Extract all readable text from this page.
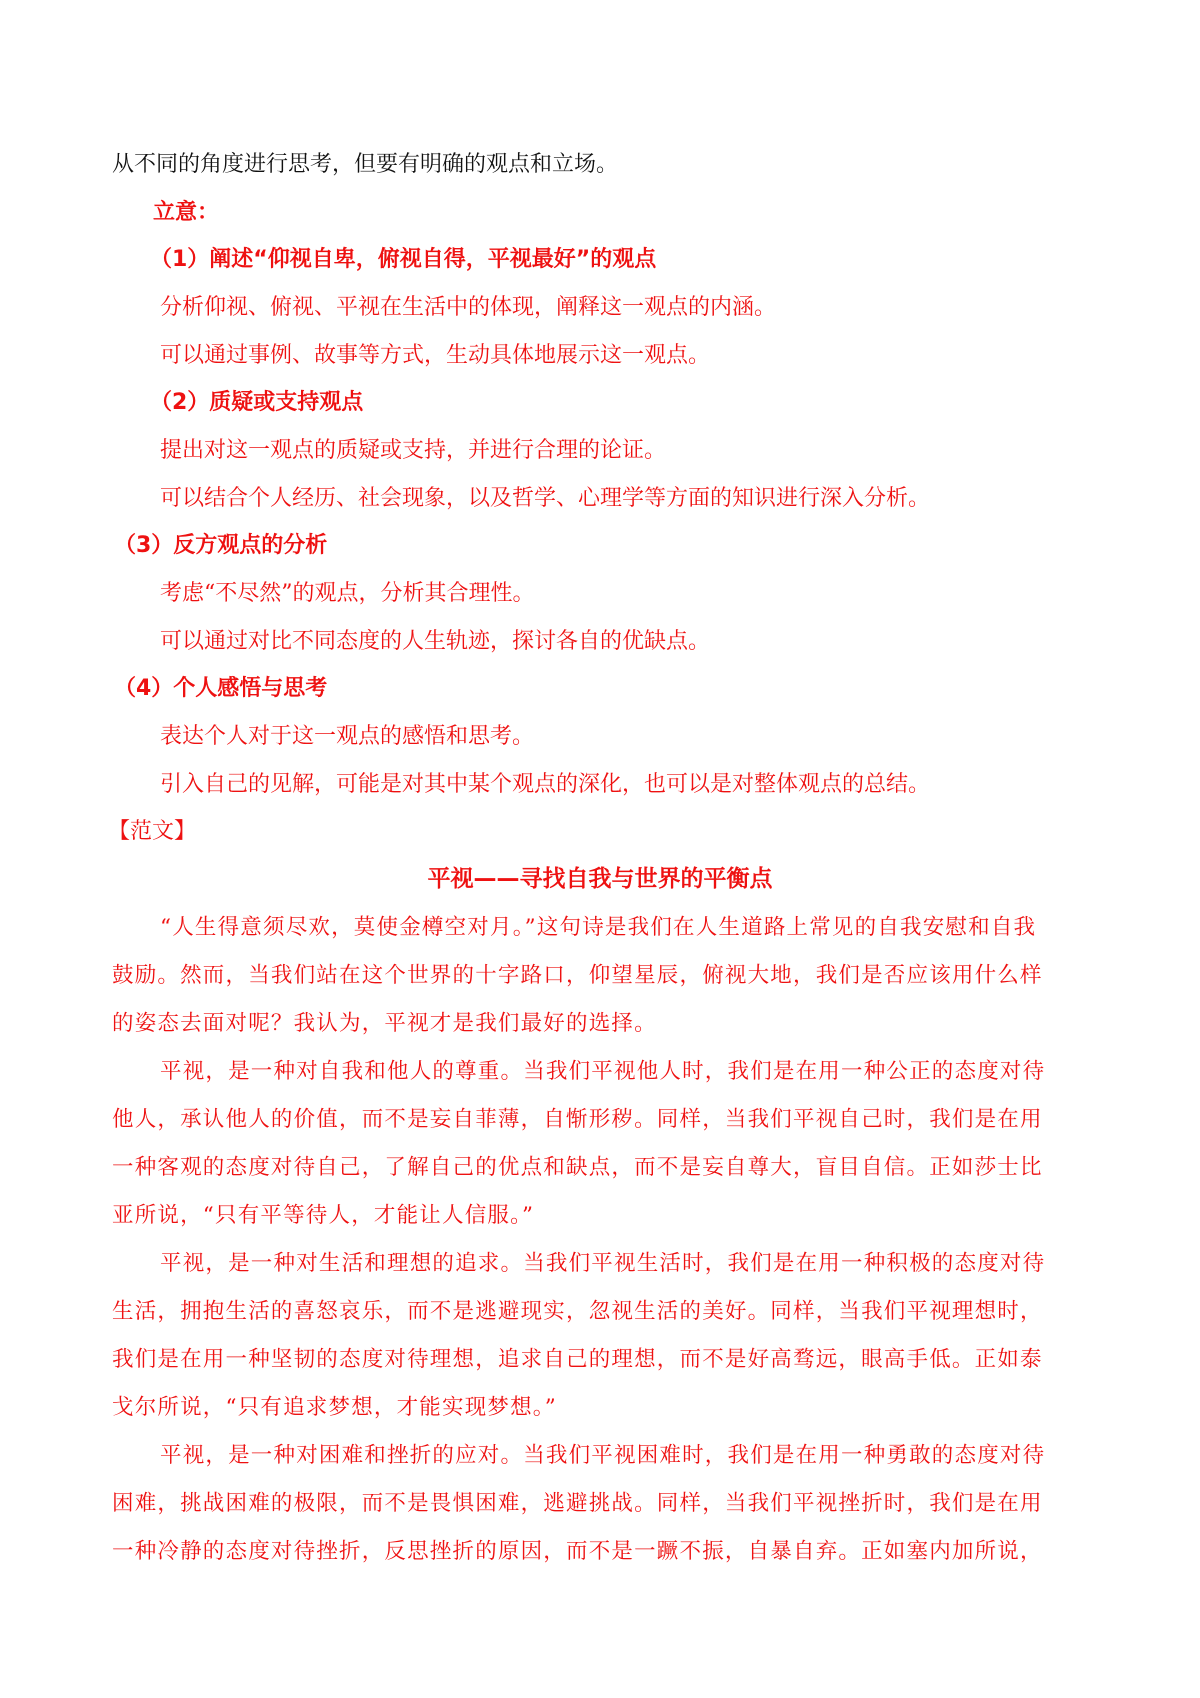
从不同的角度进行思考，但要有明确的观点和立场。
立意：
（1）阐述“仰视自卑，俯视自得，平视最好”的观点
分析仰视、俯视、平视在生活中的体现，阐释这一观点的内涵。
可以通过事例、故事等方式，生动具体地展示这一观点。
（2）质疑或支持观点
提出对这一观点的质疑或支持，并进行合理的论证。
可以结合个人经历、社会现象，以及哲学、心理学等方面的知识进行深入分析。
（3）反方观点的分析
考虑“不尽然”的观点，分析其合理性。
可以通过对比不同态度的人生轨迹，探讨各自的优缺点。
（4）个人感悟与思考
表达个人对于这一观点的感悟和思考。
引入自己的见解，可能是对其中某个观点的深化，也可以是对整体观点的总结。
【范文】
平视——寻找自我与世界的平衡点
“人生得意须尽欢，莫使金樽空对月。”这句诗是我们在人生道路上常见的自我安慰和自我
鼓励。然而，当我们站在这个世界的十字路口，仰望星辰，俯视大地，我们是否应该用什么样
的姿态去面对呢？我认为，平视才是我们最好的选择。
平视，是一种对自我和他人的尊重。当我们平视他人时，我们是在用一种公正的态度对待
他人，承认他人的价值，而不是妄自菲薄，自惭形秽。同样，当我们平视自己时，我们是在用
一种客观的态度对待自己，了解自己的优点和缺点，而不是妄自尊大，盲目自信。正如莎士比
亚所说，“只有平等待人，才能让人信服。”
平视，是一种对生活和理想的追求。当我们平视生活时，我们是在用一种积极的态度对待
生活，拥抱生活的喜怒哀乐，而不是逃避现实，忽视生活的美好。同样，当我们平视理想时，
我们是在用一种坚韧的态度对待理想，追求自己的理想，而不是好高骛远，眼高手低。正如泰
戈尔所说，“只有追求梦想，才能实现梦想。”
平视，是一种对困难和挫折的应对。当我们平视困难时，我们是在用一种勇敢的态度对待
困难，挑战困难的极限，而不是畏惧困难，逃避挑战。同样，当我们平视挫折时，我们是在用
一种冷静的态度对待挫折，反思挫折的原因，而不是一蹶不振，自暴自弃。正如塞内加所说，
